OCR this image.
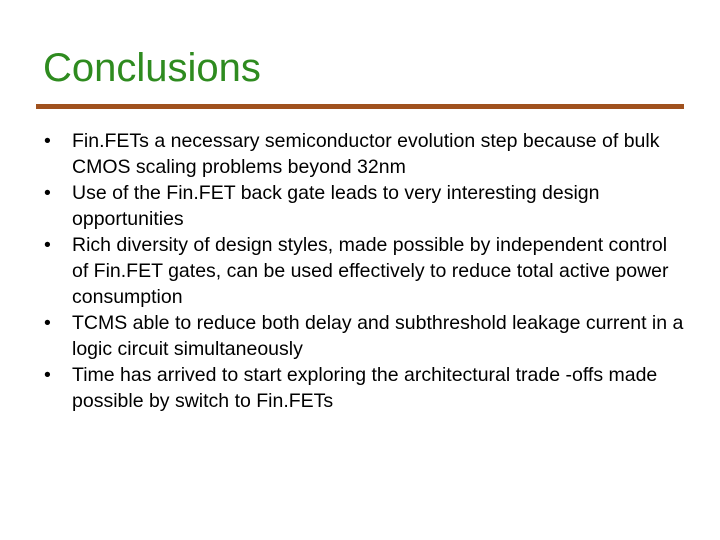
Conclusions
•	Fin.FETs a necessary semiconductor evolution step because of bulk CMOS scaling problems beyond 32nm
•	Use of the Fin.FET back gate leads to very interesting design opportunities
•	Rich diversity of design styles, made possible by independent control of Fin.FET gates, can be used effectively to reduce total active power consumption
•	TCMS able to reduce both delay and subthreshold leakage current in a logic circuit simultaneously
•	Time has arrived to start exploring the architectural trade -offs made possible by switch to Fin.FETs
